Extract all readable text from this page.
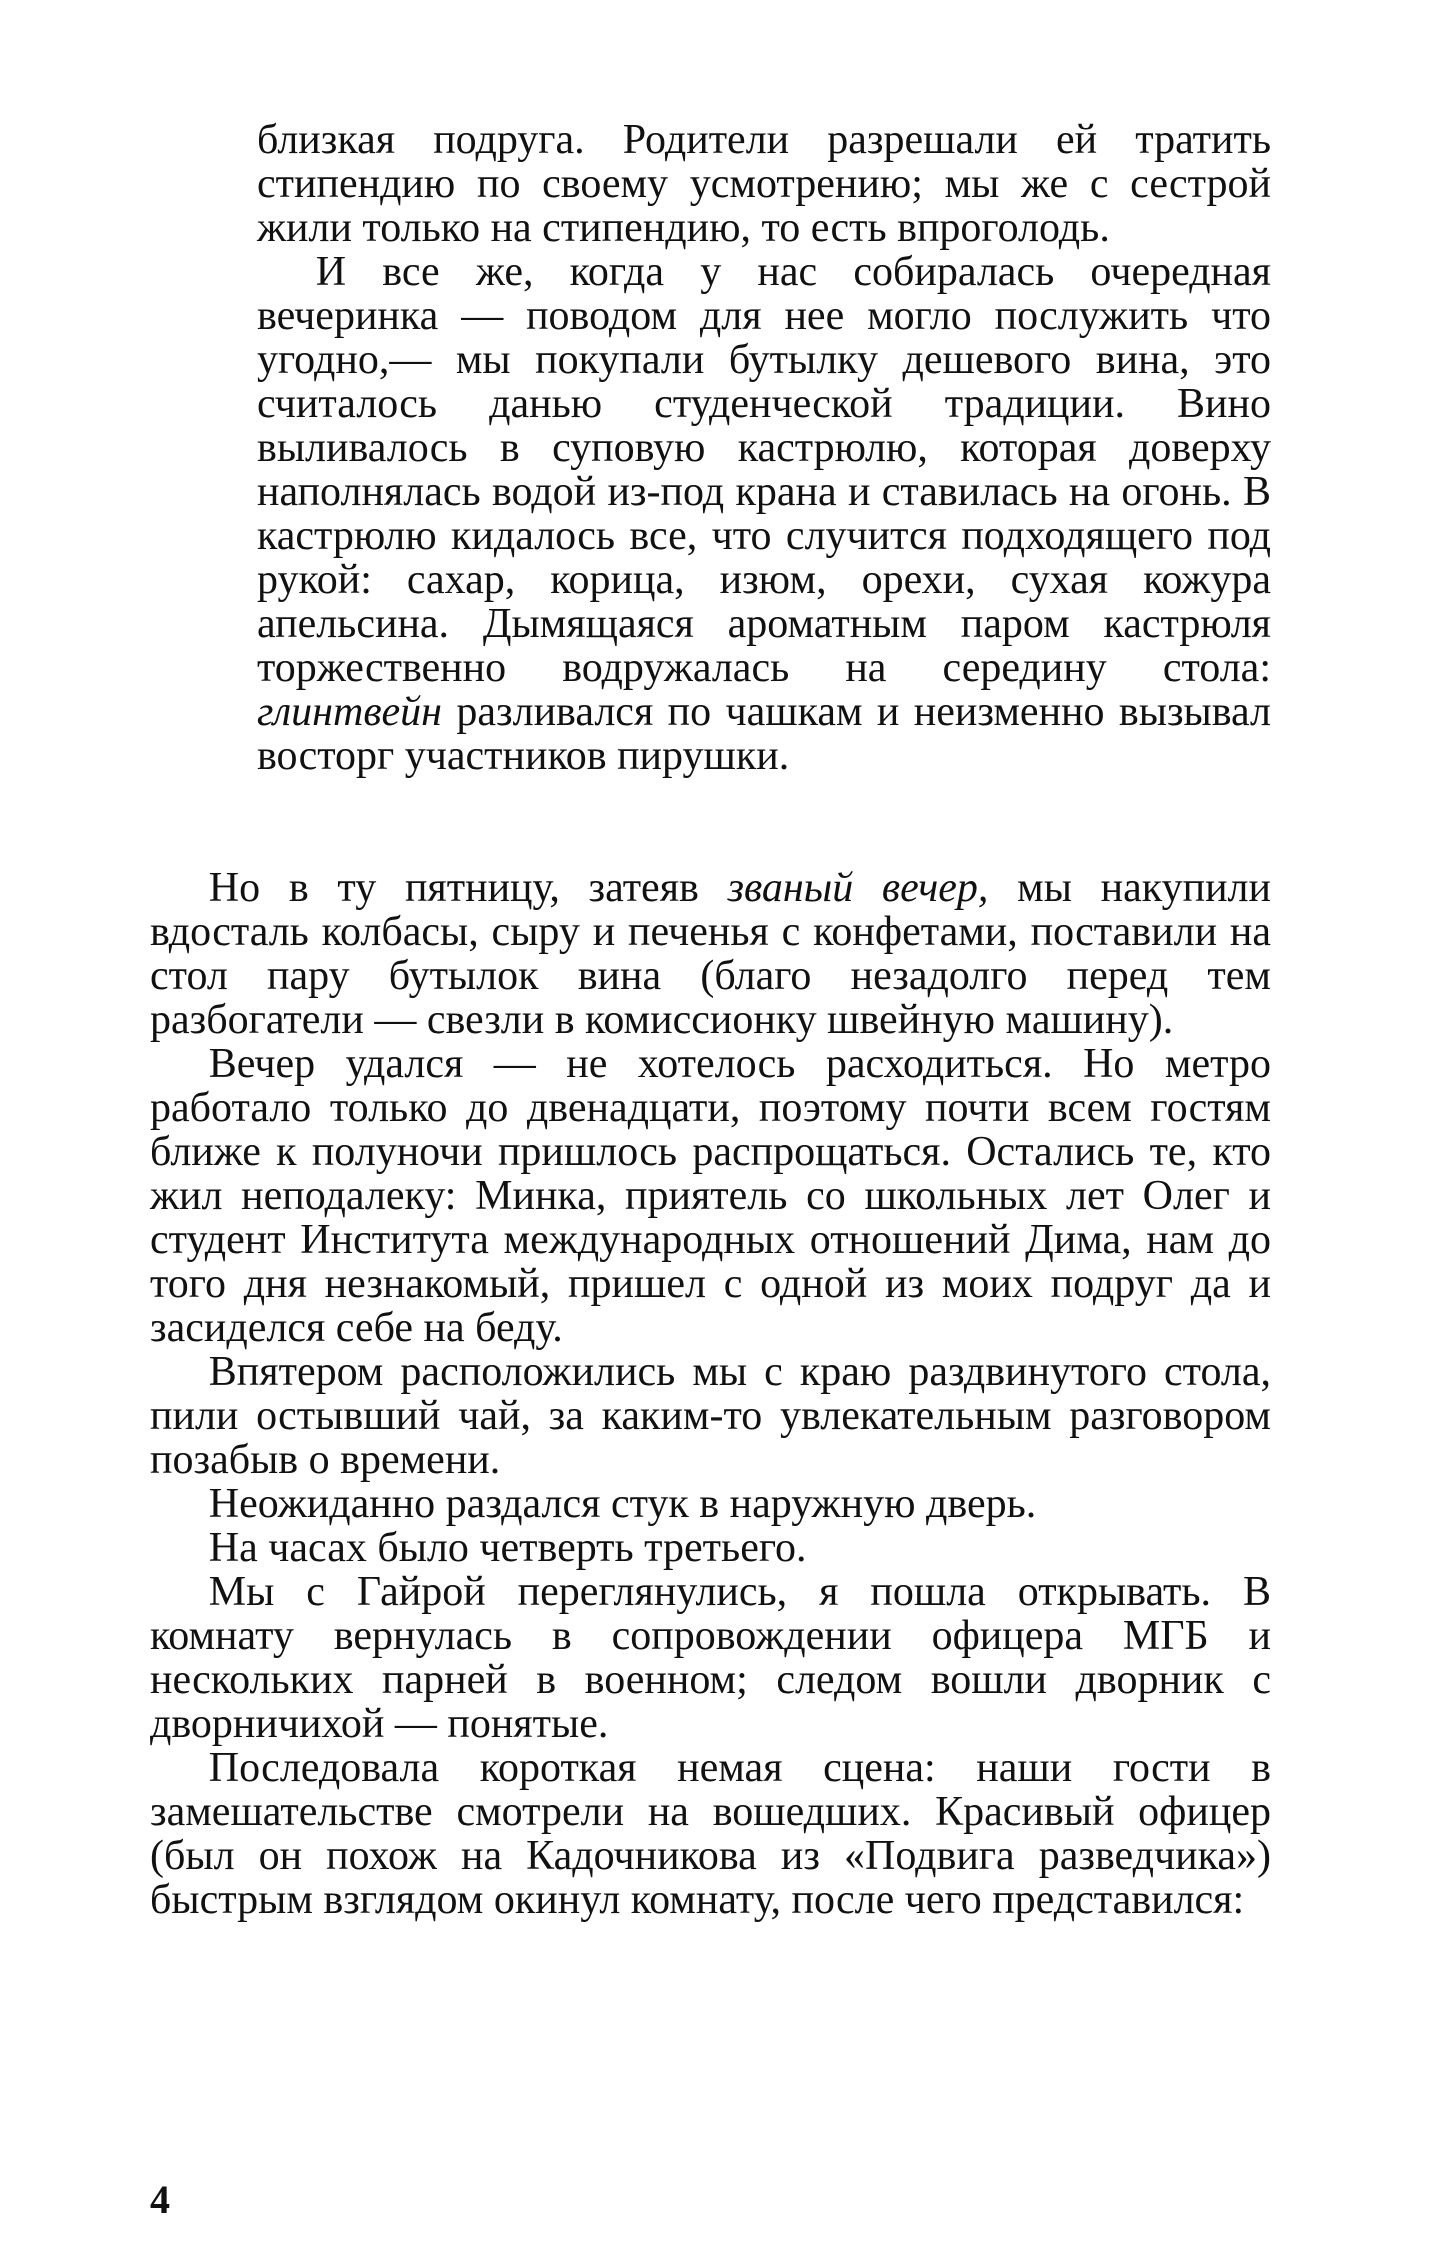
близкая подруга. Родители разрешали ей тратить стипендию по своему усмотрению; мы же с сестрой жили только на стипендию, то есть впроголодь.

И все же, когда у нас собиралась очередная вечеринка — поводом для нее могло послужить что угодно,— мы покупали бутылку дешевого вина, это считалось данью студенческой традиции. Вино выливалось в суповую кастрюлю, которая доверху наполнялась водой из-под крана и ставилась на огонь. В кастрюлю кидалось все, что случится подходящего под рукой: сахар, корица, изюм, орехи, сухая кожура апельсина. Дымящаяся ароматным паром кастрюля торжественно водружалась на середину стола: глинтвейн разливался по чашкам и неизменно вызывал восторг участников пирушки.

Но в ту пятницу, затеяв званый вечер, мы накупили вдосталь колбасы, сыру и печенья с конфетами, поставили на стол пару бутылок вина (благо незадолго перед тем разбогатели — свезли в комиссионку швейную машину).

Вечер удался — не хотелось расходиться. Но метро работало только до двенадцати, поэтому почти всем гостям ближе к полуночи пришлось распрощаться. Остались те, кто жил неподалеку: Минка, приятель со школьных лет Олег и студент Института международных отношений Дима, нам до того дня незнакомый, пришел с одной из моих подруг да и засиделся себе на беду.

Впятером расположились мы с краю раздвинутого стола, пили остывший чай, за каким-то увлекательным разговором позабыв о времени.

Неожиданно раздался стук в наружную дверь.

На часах было четверть третьего.

Мы с Гайрой переглянулись, я пошла открывать. В комнату вернулась в сопровождении офицера МГБ и нескольких парней в военном; следом вошли дворник с дворничихой — понятые.

Последовала короткая немая сцена: наши гости в замешательстве смотрели на вошедших. Красивый офицер (был он похож на Кадочникова из «Подвига разведчика») быстрым взглядом окинул комнату, после чего представился:

4
